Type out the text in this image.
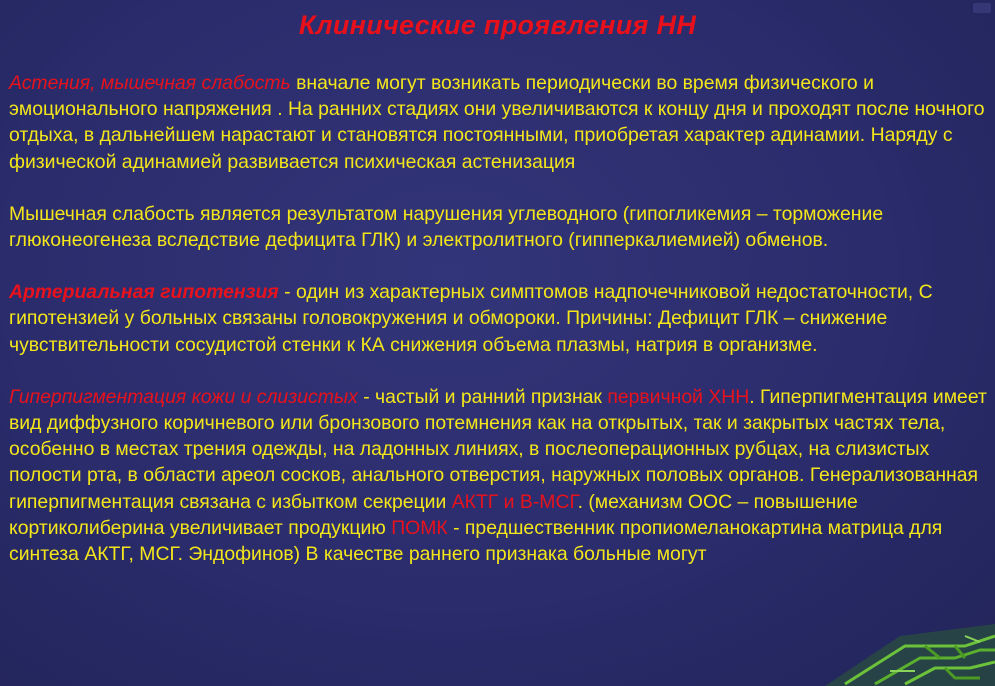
Клинические проявления НН

Астения, мышечная слабость вначале могут возникать периодически во время физического и эмоционального напряжения . На ранних стадиях они увеличиваются к концу дня и проходят после ночного отдыха, в дальнейшем нарастают и становятся постоянными, приобретая характер адинамии. Наряду с физической адинамией развивается психическая астенизация

Мышечная слабость является результатом нарушения углеводного (гипогликемия – торможение глюконеогенеза вследствие дефицита ГЛК) и электролитного (гипперкалиемией) обменов.

Артериальная гипотензия - один из характерных симптомов надпочечниковой недостаточности, С гипотензией у больных связаны головокружения и обмороки. Причины: Дефицит ГЛК – снижение чувствительности сосудистой стенки к КА снижения объема плазмы, натрия в организме.

Гиперпигментация кожи и слизистых - частый и ранний признак первичной ХНН. Гиперпигментация имеет вид диффузного коричневого или бронзового потемнения как на открытых, так и закрытых частях тела, особенно в местах трения одежды, на ладонных линиях, в послеоперационных рубцах, на слизистых полости рта, в области ареол сосков, анального отверстия, наружных половых органов. Генерализованная гиперпигментация связана с избытком секреции АКТГ и В-МСГ. (механизм ООС – повышение кортиколиберина увеличивает продукцию ПОМК - предшественник пропиомеланокартина матрица для синтеза АКТГ, МСГ. Эндофинов) В качестве раннего признака больные могут
